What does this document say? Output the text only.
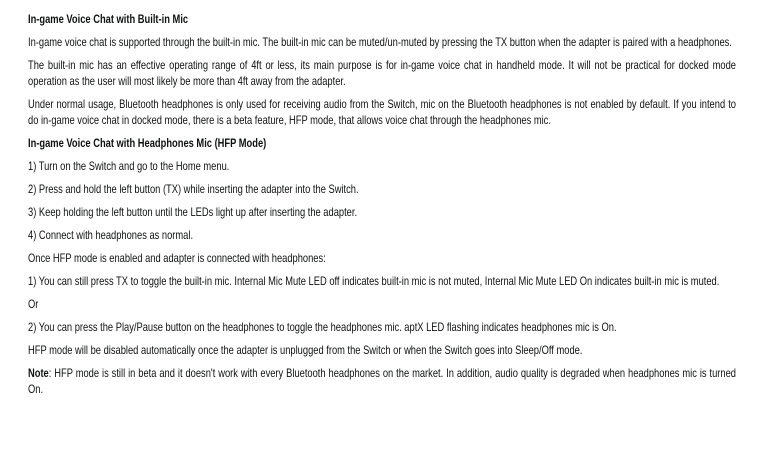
In-game Voice Chat with Built-in Mic

In-game voice chat is supported through the built-in mic. The built-in mic can be muted/un-muted by pressing the TX button when the adapter is paired with a headphones.

The built-in mic has an effective operating range of 4ft or less, its main purpose is for in-game voice chat in handheld mode. It will not be practical for docked mode operation as the user will most likely be more than 4ft away from the adapter.

Under normal usage, Bluetooth headphones is only used for receiving audio from the Switch, mic on the Bluetooth headphones is not enabled by default. If you intend to do in-game voice chat in docked mode, there is a beta feature, HFP mode, that allows voice chat through the headphones mic.

In-game Voice Chat with Headphones Mic (HFP Mode)

1) Turn on the Switch and go to the Home menu.

2) Press and hold the left button (TX) while inserting the adapter into the Switch.

3) Keep holding the left button until the LEDs light up after inserting the adapter.

4) Connect with headphones as normal.

Once HFP mode is enabled and adapter is connected with headphones:

1) You can still press TX to toggle the built-in mic. Internal Mic Mute LED off indicates built-in mic is not muted, Internal Mic Mute LED On indicates built-in mic is muted.

Or

2) You can press the Play/Pause button on the headphones to toggle the headphones mic. aptX LED flashing indicates headphones mic is On.

HFP mode will be disabled automatically once the adapter is unplugged from the Switch or when the Switch goes into Sleep/Off mode.

Note: HFP mode is still in beta and it doesn't work with every Bluetooth headphones on the market. In addition, audio quality is degraded when headphones mic is turned On.
